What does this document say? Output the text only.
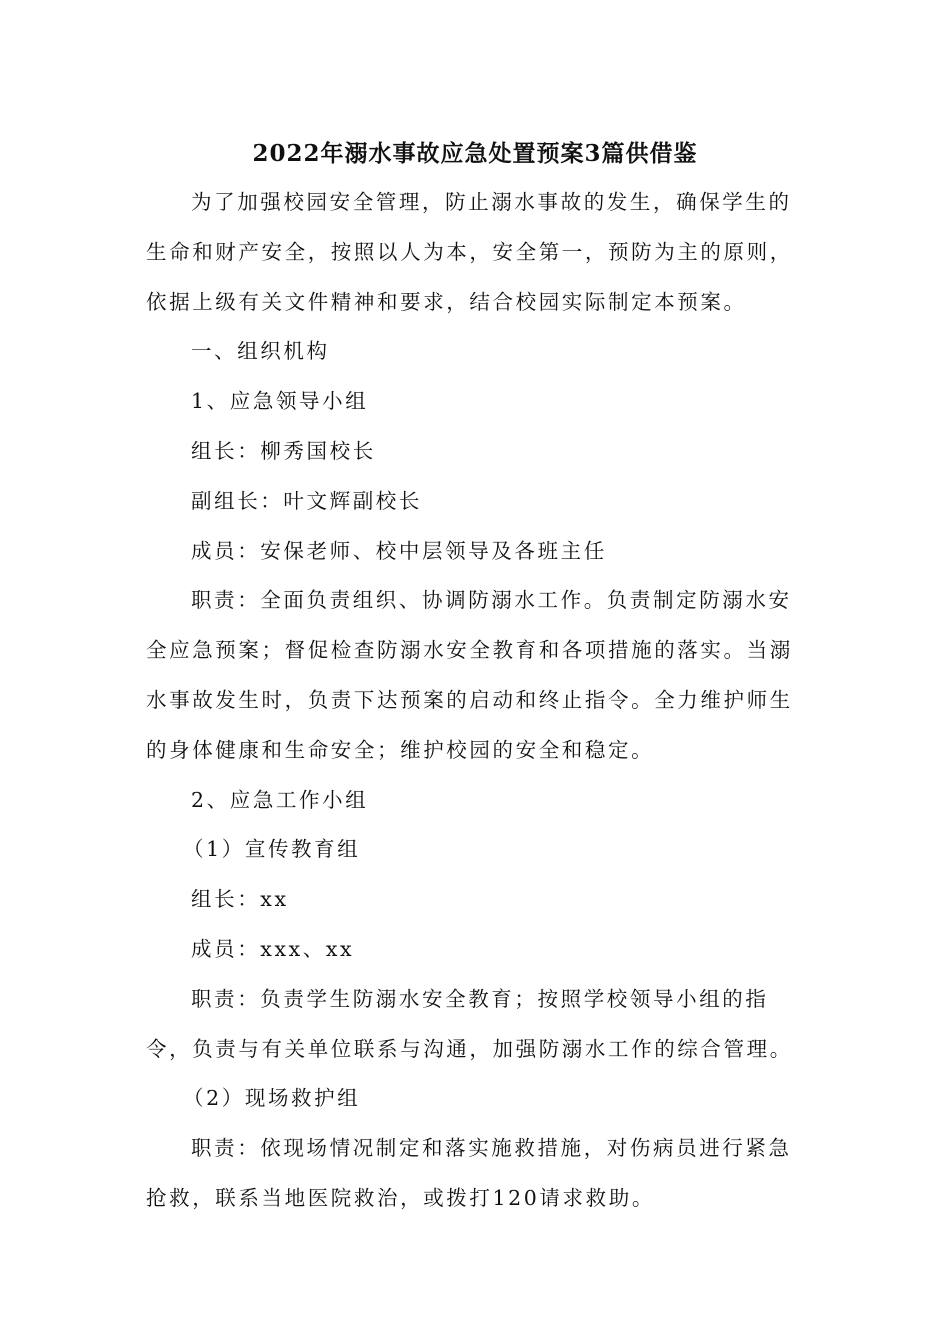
2022年溺水事故应急处置预案3篇供借鉴

为了加强校园安全管理，防止溺水事故的发生，确保学生的生命和财产安全，按照以人为本，安全第一，预防为主的原则，依据上级有关文件精神和要求，结合校园实际制定本预案。

一、组织机构

1、应急领导小组

组长：柳秀国校长

副组长：叶文辉副校长

成员：安保老师、校中层领导及各班主任

职责：全面负责组织、协调防溺水工作。负责制定防溺水安全应急预案；督促检查防溺水安全教育和各项措施的落实。当溺水事故发生时，负责下达预案的启动和终止指令。全力维护师生的身体健康和生命安全；维护校园的安全和稳定。

2、应急工作小组

（1）宣传教育组

组长：xx

成员：xxx、xx

职责：负责学生防溺水安全教育；按照学校领导小组的指令，负责与有关单位联系与沟通，加强防溺水工作的综合管理。

（2）现场救护组

职责：依现场情况制定和落实施救措施，对伤病员进行紧急抢救，联系当地医院救治，或拨打120请求救助。
